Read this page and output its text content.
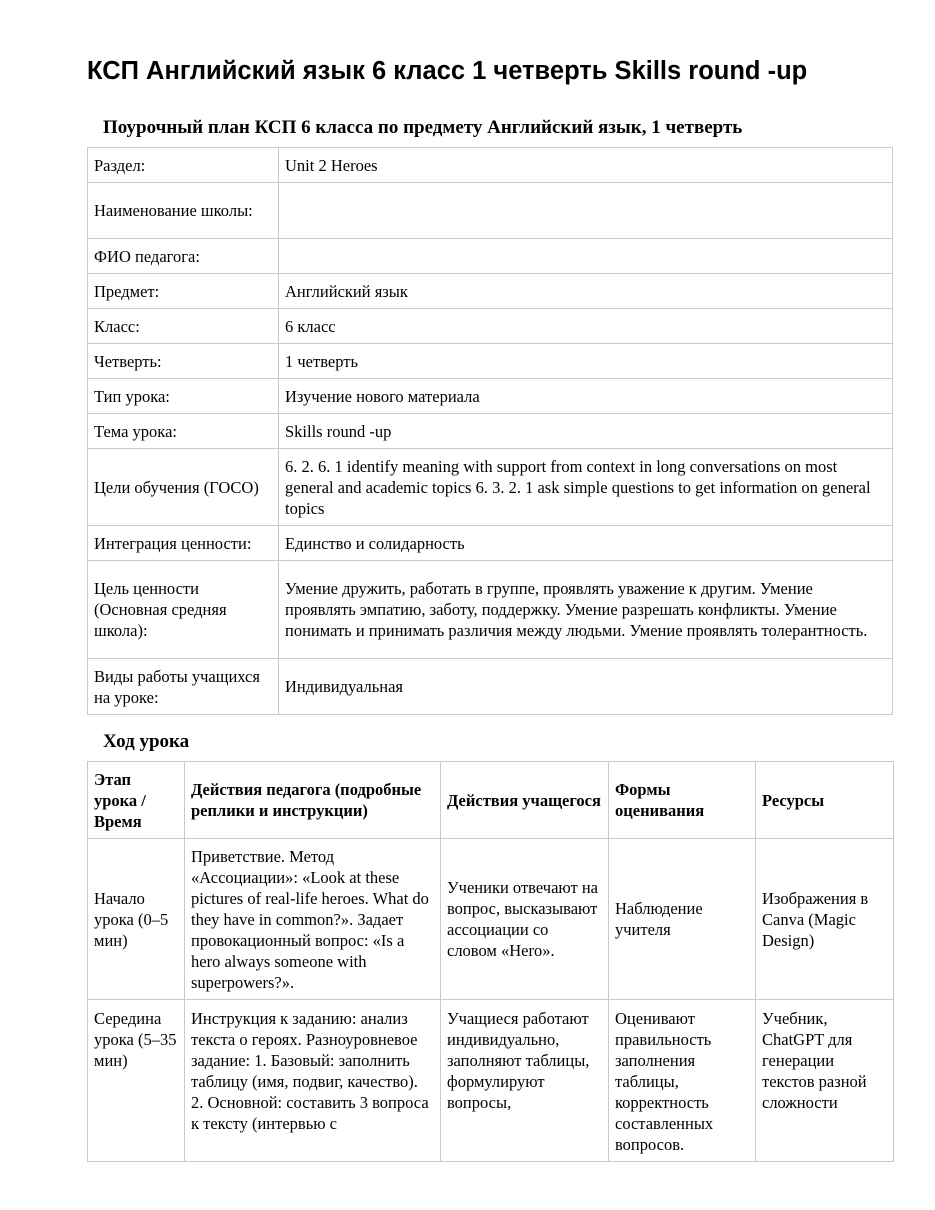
КСП Английский язык 6 класс 1 четверть Skills round -up

Поурочный план КСП 6 класса по предмету Английский язык, 1 четверть

Раздел:	Unit 2 Heroes
Наименование школы:	
ФИО педагога:	
Предмет:	Английский язык
Класс:	6 класс
Четверть:	1 четверть
Тип урока:	Изучение нового материала
Тема урока:	Skills round -up
Цели обучения (ГОСО)	6. 2. 6. 1 identify meaning with support from context in long conversations on most general and academic topics 6. 3. 2. 1 ask simple questions to get information on general topics
Интеграция ценности:	Единство и солидарность
Цель ценности (Основная средняя школа):	Умение дружить, работать в группе, проявлять уважение к другим. Умение проявлять эмпатию, заботу, поддержку. Умение разрешать конфликты. Умение понимать и принимать различия между людьми. Умение проявлять толерантность.
Виды работы учащихся на уроке:	Индивидуальная

Ход урока

Этап урока / Время	Действия педагога (подробные реплики и инструкции)	Действия учащегося	Формы оценивания	Ресурсы
Начало урока (0–5 мин)	Приветствие. Метод «Ассоциации»: «Look at these pictures of real-life heroes. What do they have in common?». Задает провокационный вопрос: «Is a hero always someone with superpowers?».	Ученики отвечают на вопрос, высказывают ассоциации со словом «Hero».	Наблюдение учителя	Изображения в Canva (Magic Design)

Середина урока (5–35 мин)	Инструкция к заданию: анализ текста о героях. Разноуровневое задание: 1. Базовый: заполнить таблицу (имя, подвиг, качество). 2. Основной: составить 3 вопроса к тексту (интервью с	Учащиеся работают индивидуально, заполняют таблицы, формулируют вопросы,	Оценивают правильность заполнения таблицы, корректность составленных вопросов.	Учебник, ChatGPT для генерации текстов разной сложности
